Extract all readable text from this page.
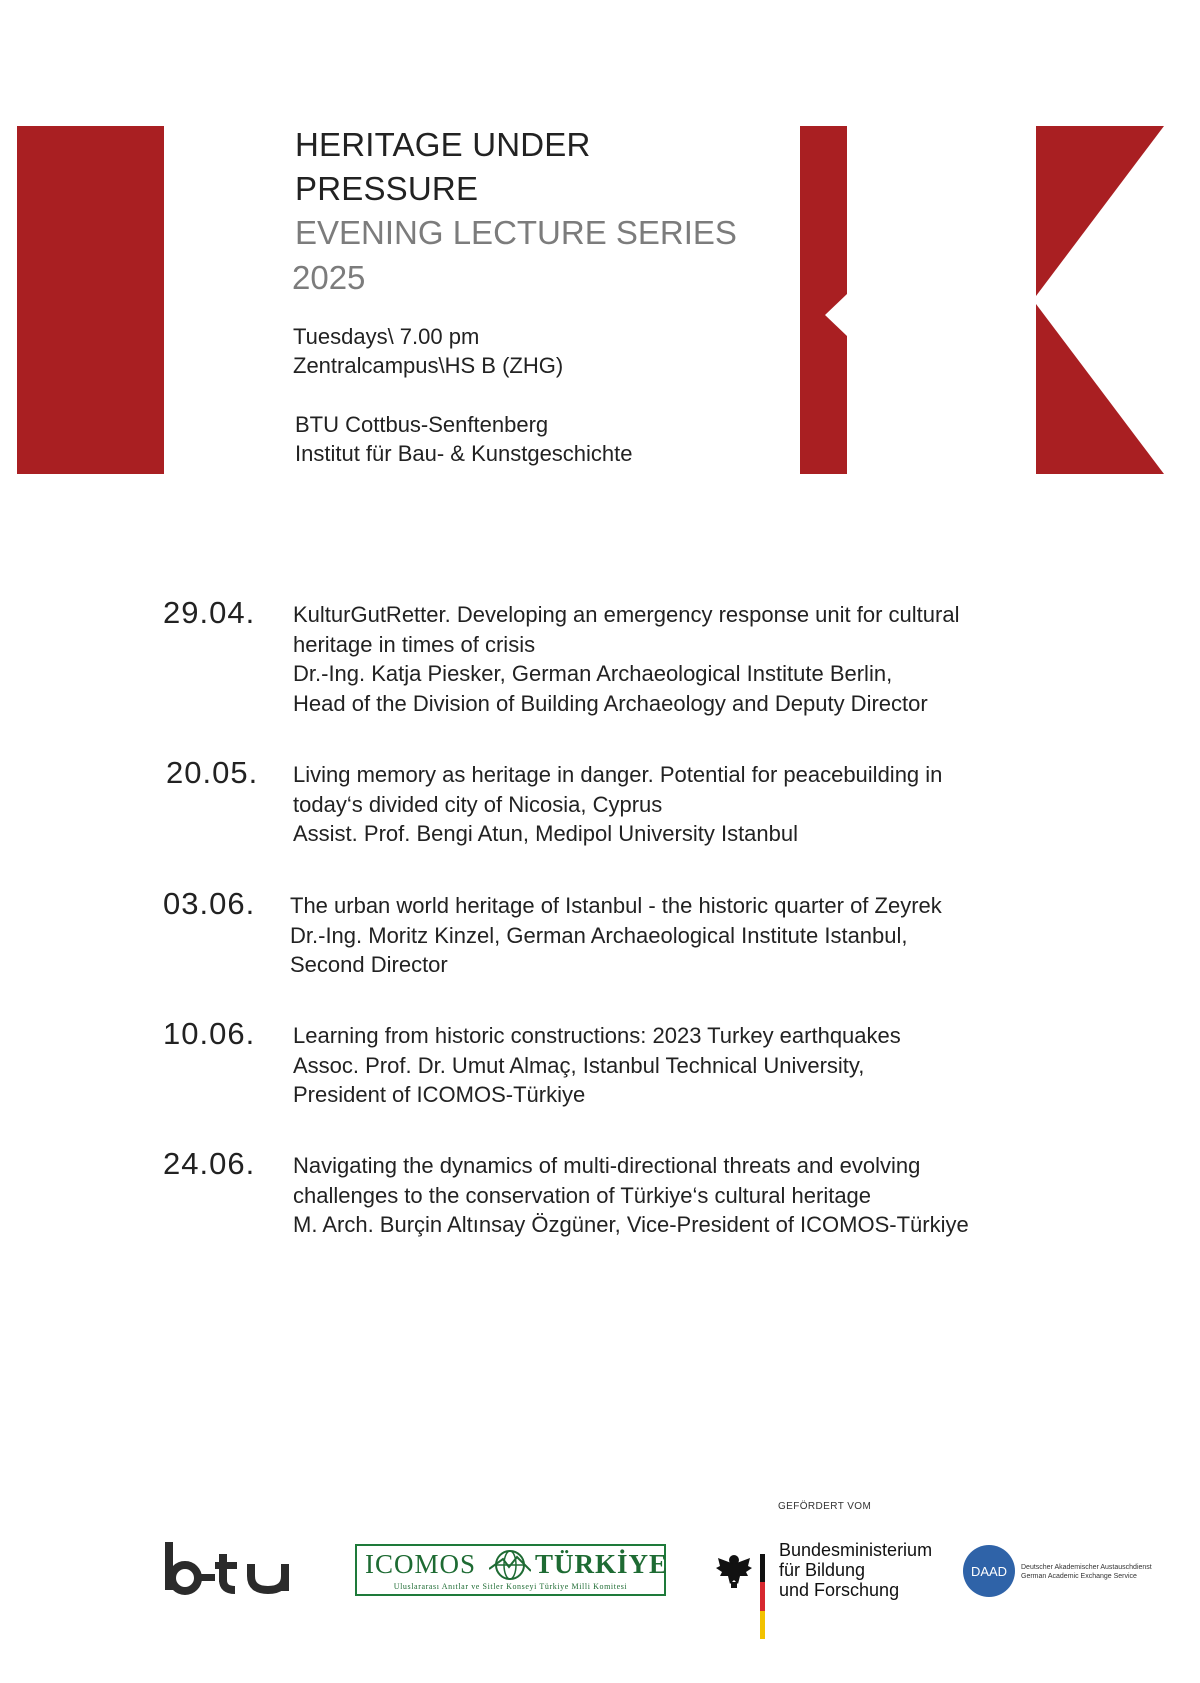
HERITAGE UNDER
PRESSURE
EVENING LECTURE SERIES
2025
Tuesdays\ 7.00 pm
Zentralcampus\HS B (ZHG)
BTU Cottbus-Senftenberg
Institut für Bau- & Kunstgeschichte
29.04. KulturGutRetter. Developing an emergency response unit for cultural
heritage in times of crisis
Dr.-Ing. Katja Piesker, German Archaeological Institute Berlin,
Head of the Division of Building Archaeology and Deputy Director
20.05. Living memory as heritage in danger. Potential for peacebuilding in
today‘s divided city of Nicosia, Cyprus
Assist. Prof. Bengi Atun, Medipol University Istanbul
03.06. The urban world heritage of Istanbul - the historic quarter of Zeyrek
Dr.-Ing. Moritz Kinzel, German Archaeological Institute Istanbul,
Second Director
10.06. Learning from historic constructions: 2023 Turkey earthquakes
Assoc. Prof. Dr. Umut Almaç, Istanbul Technical University,
President of ICOMOS-Türkiye
24.06. Navigating the dynamics of multi-directional threats and evolving
challenges to the conservation of Türkiye‘s cultural heritage
M. Arch. Burçin Altınsay Özgüner, Vice-President of ICOMOS-Türkiye
ICOMOS TÜRKİYE
Uluslararası Anıtlar ve Sitler Konseyi Türkiye Milli Komitesi
GEFÖRDERT VOM
Bundesministerium
für Bildung
und Forschung
DAAD	Deutscher Akademischer Austauschdienst
German Academic Exchange Service
